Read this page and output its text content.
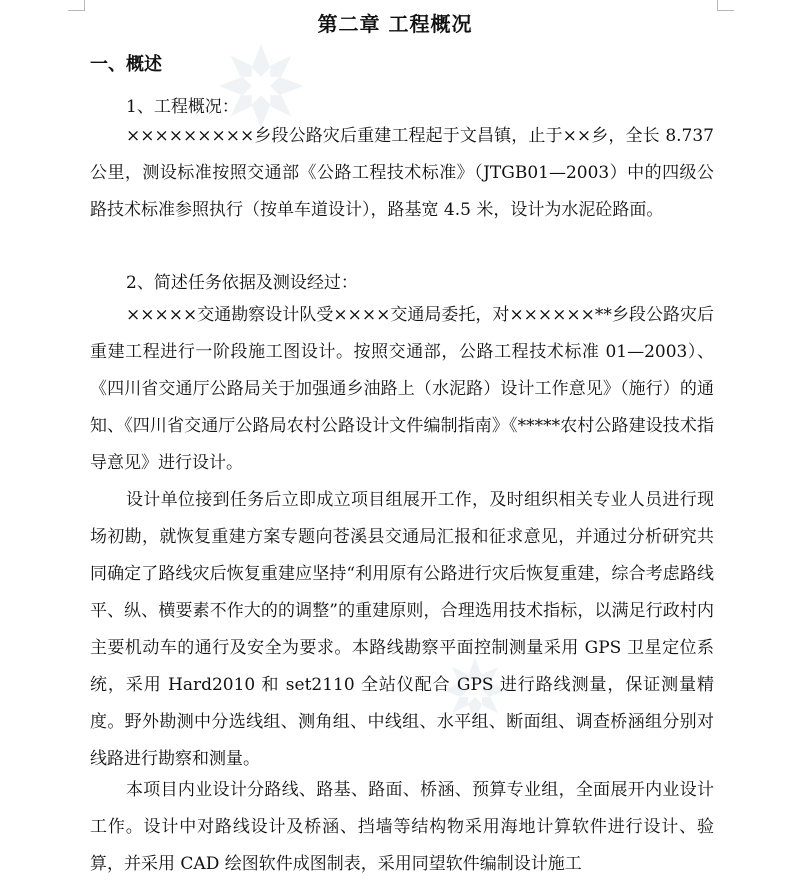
第二章 工程概况
一、概述
1、工程概况：

×××××××××乡段公路灾后重建工程起于文昌镇，止于××乡，全长 8.737 公里，测设标准按照交通部《公路工程技术标准》（JTGB01—2003）中的四级公路技术标准参照执行（按单车道设计），路基宽 4.5 米，设计为水泥砼路面。

2、简述任务依据及测设经过：

×××××交通勘察设计队受××××交通局委托，对××××××**乡段公路灾后重建工程进行一阶段施工图设计。按照交通部，公路工程技术标准 01—2003）、《四川省交通厅公路局关于加强通乡油路上（水泥路）设计工作意见》（施行）的通知、《四川省交通厅公路局农村公路设计文件编制指南》《*****农村公路建设技术指导意见》进行设计。

设计单位接到任务后立即成立项目组展开工作，及时组织相关专业人员进行现场初勘，就恢复重建方案专题向苍溪县交通局汇报和征求意见，并通过分析研究共同确定了路线灾后恢复重建应坚持“利用原有公路进行灾后恢复重建，综合考虑路线平、纵、横要素不作大的的调整”的重建原则，合理选用技术指标，以满足行政村内主要机动车的通行及安全为要求。本路线勘察平面控制测量采用 GPS 卫星定位系统，采用 Hard2010 和 set2110 全站仪配合 GPS 进行路线测量，保证测量精度。野外勘测中分选线组、测角组、中线组、水平组、断面组、调查桥涵组分别对线路进行勘察和测量。

本项目内业设计分路线、路基、路面、桥涵、预算专业组，全面展开内业设计工作。设计中对路线设计及桥涵、挡墙等结构物采用海地计算软件进行设计、验算，并采用 CAD 绘图软件成图制表，采用同望软件编制设计施工
